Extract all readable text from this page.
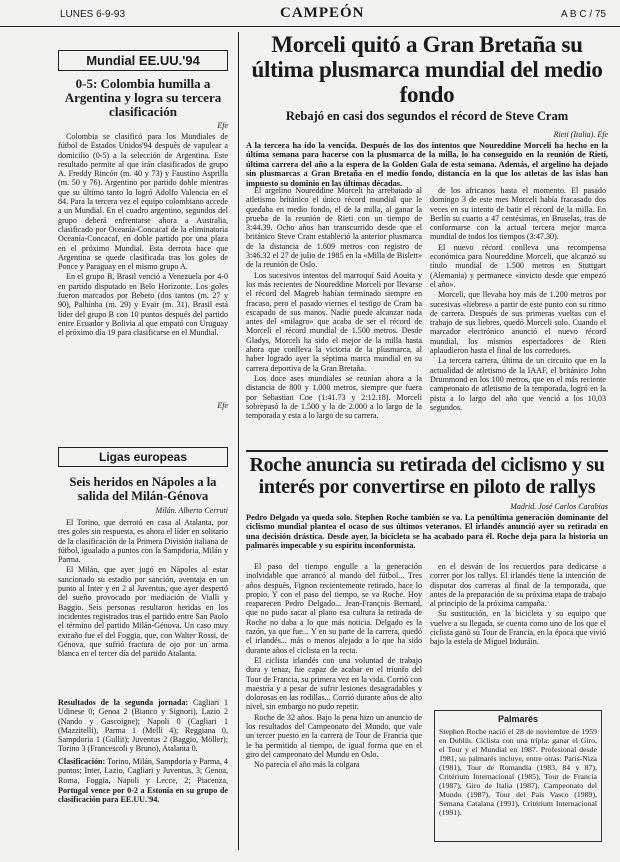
LUNES 6-9-93	CAMPEÓN	A B C / 75
Mundial EE.UU.'94
0-5: Colombia humilla a Argentina y logra su tercera clasificación
Efe

Colombia se clasificó para los Mundiales de fútbol de Estados Unidos'94 después de vapulear a domicilio (0-5) a la selección de Argentina. Este resultado permite al que irán clasificados de grupo A. Freddy Rincón (m. 40 y 73) y Faustino Asprilla (m. 50 y 76). Argentino por partido doble mientras que su último tanto lo logró Adolfo Valencia en el 84. Para la tercera vez el equipo colombiano accede a un Mundial. En el cuadro argentino, segundos del grupo deberá enfrentarse ahora a Australia, clasificado por Oceanía-Concacaf de la eliminatoria Oceanía-Concacaf, en doble partido por una plaza en el próximo Mundial. Esta derrota hace que Argentina se quede clasificada tras los goles de Ponce y Paraguay en el mismo grupo A.

En el grupo B, Brasil venció a Venezuela por 4-0 en partido disputado en Belo Horizonte. Los goles fueron marcados por Bebeto (dos tantos (m. 27 y 90), Palhinha (m. 29) y Evair (m. 31). Brasil está líder del grupo B con 10 puntos después del partido entre Ecuador y Bolivia al que empató con Uruguay el próximo día 19 para clasificarse en el Mundial.

Efe
Ligas europeas
Seis heridos en Nápoles a la salida del Milán-Génova
Milán. Alberto Cerruti

El Torino, que derrotó en casa al Atalanta, por tres goles sin respuesta, es ahora el líder en solitario de la clasificación de la Primera División italiana de fútbol, igualado a puntos con la Sampdoria, Milán y Parma.

El Milán, que ayer jugó en Nápoles al estar sancionado su estadio por sanción, aventaja en un punto al Inter y en 2 al Juventus, que ayer despertó del sueño provocado por mediación de Vialli y Baggio. Seis personas resultaron heridas en los incidentes registrados tras el partido entre San Paolo el término del partido Milán-Génova. Un caso muy extraño fue el del Foggia, que, con Walter Rossi, de Génova, que sufrió fractura de ojo por un arma blanca en el tercer día del partido Atalanta.

Resultados de la segunda jornada: Cagliari 1 Udinese 0; Genoa 2 (Bianco y Signori), Lazio 2 (Nando y Gascoigne); Napoli 0 (Cagliari 1 (Mazzitelli), Parma 1 (Melli 4); Reggiana 0, Sampdoria 1 (Gullit); Juventus 2 (Baggio, Möller); Torino 3 (Francescoli y Bruno), Atalanta 0.
Clasificación: Torino, Milán, Sampdoria y Parma, 4 puntos; Inter, Lazio, Cagliari y Juventus, 3; Genoa, Roma, Foggia, Napoli y Lecce, 2; Piacenza,
Portugal vence por 0-2 a Estonia en su grupo de clasificación para EE.UU.'94.
Morceli quitó a Gran Bretaña su última plusmarca mundial del medio fondo
Rebajó en casi dos segundos el récord de Steve Cram
Rieti (Italia). Efe
A la tercera ha ido la vencida. Después de los dos intentos que Noureddine Morceli ha hecho en la última semana para hacerse con la plusmarca de la milla, lo ha conseguido en la reunión de Rieti, última carrera del año a la espera de la Golden Gala de esta semana. Además, el argelino ha dejado sin plusmarcas a Gran Bretaña en el medio fondo, distancia en la que los atletas de las islas han impuesto su dominio en las últimas décadas.

El argelino Noureddine Morceli ha arrebatado al atletismo británico el único récord mundial que le quedaba en medio fondo, el de la milla, al ganar la prueba de la reunión de Rieti con un tiempo de 3:44.39. Ocho años han transcurrido desde que el británico Steve Cram estableció la anterior plusmarca de la distancia de 1.609 metros con registro de 3:46.32 el 27 de julio de 1985 en la «Milla de Bislett» de la reunión de Oslo.

Los sucesivos intentos del marroquí Said Aouita y los más recientes de Noureddine Morceli por llevarse el récord del Magreb habían terminado siempre en fracaso, pero el pasado viernes el testigo de Cram ha escapado de sus manos. Nadie puede alcanzar nada antes del «milagro» que acaba de ser el récord de Morceli el récord mundial de 1.500 metros. Desde Gladys, Morceli ha sido el mejor de la milla hasta ahora que conlleva la victoria de la plusmarca, al haber logrado ayer la séptima marca mundial en su carrera deportiva de la Gran Bretaña.

Los doce ases mundiales se reunían ahora a la distancia de 800 y 1.000 metros, siempre que fuera por Sebastian Coe (1:41.73 y 2:12.18). Morceli sobrepasó la de 1.500 y la de 2.000 a lo largo de la temporada y esta a lo largo de su carrera.

de los africanos hasta el momento. El pasado domingo 3 de este mes Morceli había fracasado dos veces en su intento de batir el récord de la milla. En Berlín su cuarto a 47 centésimas, en Bruselas, tras de conformarse con la actual tercera mejor marca mundial de todos los tiempos (3:47.30).

El nuevo récord conlleva una recompensa económica para Noureddine Morceli, que alcanzó su título mundial de 1.500 metros en Stuttgart (Alemania) y permanece «invicto desde que empezó el año».

Morceli, que llevaba hoy más de 1.200 metros por sucesivas «liebres» a partir de este punto con su ritmo de carrera. Después de sus primeras vueltas con el trabajo de sus liebres, quedó Morceli solo. Cuando el marcador electrónico anunció el nuevo récord mundial, los mismos espectadores de Rieti aplaudieron hasta el final de los corredores.

La tercera carrera, última de un circuito que en la actualidad de atletismo de la IAAF, el británico John Drummond en los 100 metros, que en el más reciente campeonato de atletismo de la temporada, logró en la pista a lo largo del año que venció a los 10,03 segundos.

Roche anuncia su retirada del ciclismo y su interés por convertirse en piloto de rallys
Madrid. José Carlos Carabias
Pedro Delgado ya queda solo. Stephen Roche también se va. La penúltima generación dominante del ciclismo mundial plantea el ocaso de sus últimos veteranos. El irlandés anunció ayer su retirada en una decisión drástica. Desde ayer, la bicicleta se ha acabado para él. Roche deja para la historia un palmarés impecable y su espíritu inconformista.

El paso del tiempo engulle a la generación inolvidable que arrancó al mando del fútbol... Tres años después, Fignon recientemente retirado, hace lo propio. Y con el paso del tiempo, se va Roche. Hoy reaparecen Pedro Delgado... Jean-François Bernard, que no pudo sacar al plano esa cultura la retirada de Roche no daba a lo que más noticia. Delgado es la razón, ya que fue... Y en su parte de la carrera, quedó el irlandés... más o menos alejado a lo que ha sido durante años el ciclista en la recta.

El ciclista irlandés con una voluntad de trabajo dura y tenaz, fue capaz de acabar en el triunfo del Tour de Francia, su primera vez en la vida. Corrió con maestría y a pesar de sufrir lesiones desagradables y dolorosas en las rodillas... Corrió durante años de alto nivel, sin embargo no pudo repetir.

Roche de 32 años. Bajo la pena hizo un anuncio de los resultados del Campeonato del Mundo, que vale un tercer puesto en la carrera de Tour de Francia que le ha permitido al tiempo, de igual forma que en el giro del campeonato del Mundo en Oslo.

No parecía el año más la colgara

en el desván de los recuerdos para dedicarse a correr por los rallys. El irlandés tiene la intención de disputar dos carreras al final de la temporada, que antes de la preparación de su próxima etapa de trabajo al principio de la próxima campaña.

Su sustitución, en la bicicleta y su equipo que vuelve a su llegada, se cuenta como uno de los que el ciclista ganó su Tour de Francia, en la época que vivió bajo la estela de Miguel Induráin.

Palmarés
Stephen Roche nació el 28 de noviembre de 1959 en Dublín. Ciclista con una tripla: ganar el Giro, el Tour y el Mundial en 1987. Profesional desde 1981, su palmarés incluye, entre otras: Paris-Niza (1981), Tour de Romandía (1983, 84 y 87), Critérium Internacional (1985), Tour de Francia (1987), Giro de Italia (1987), Campeonato del Mundo (1987), Tour del País Vasco (1989), Semana Catalana (1991), Critérium Internacional (1991).
